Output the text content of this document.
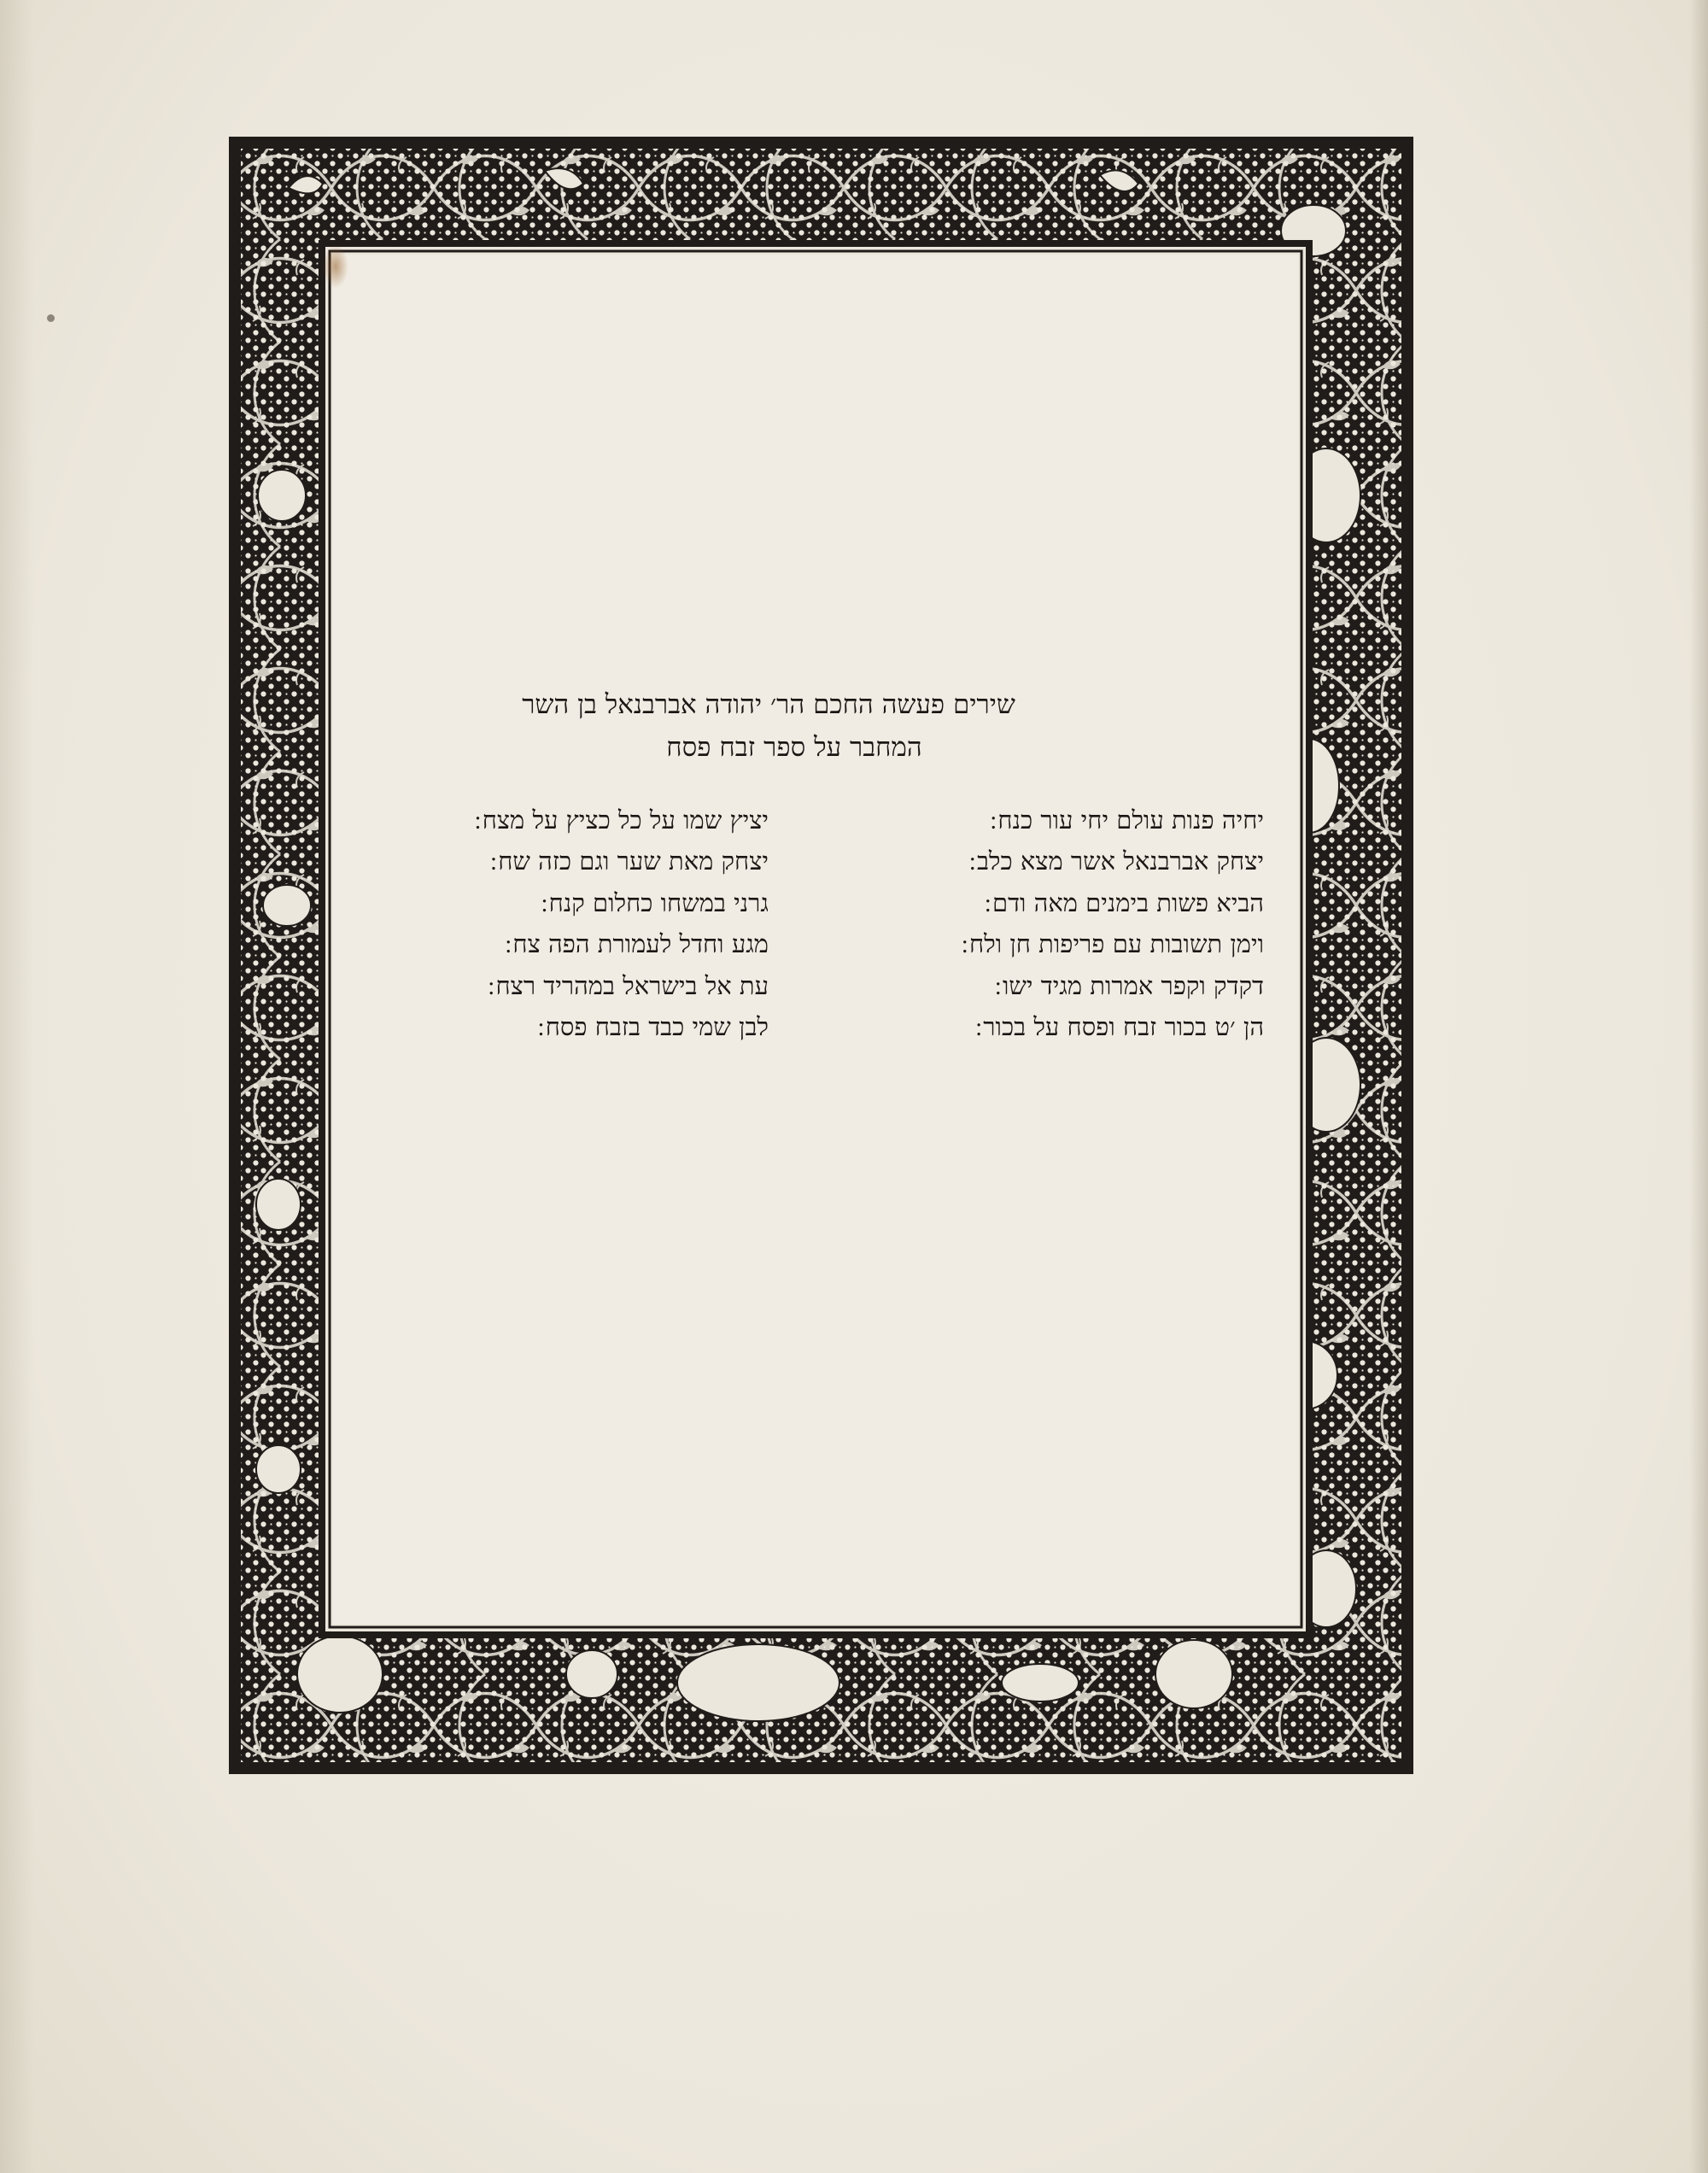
שירים פעשה החכם הר׳ יהודה אברבנאל בן השר
המחבר על ספר זבח פסח
יחיה פנות עולם יחי עור כנח ׃
יציץ שמו על כל כציץ על מצח ׃
יצחק אברבנאל אשר מצא כלב ׃
יצחק מאת שער וגם כזה שח ׃
הביא פשות בימנים מאה ודם ׃
גרני במשחו כחלום קנח ׃
וימן תשובות עם פריפות חן ולח ׃
מגע וחדל לעמורת הפה צח ׃
דקדק וקפר אמרות מגיד ישו ׃
עת אל בישראל במהריד רצח ׃
הן ׳ט בכור זבח ופסח על בכור ׃
לבן שמי כבד בזבח פסח ׃
